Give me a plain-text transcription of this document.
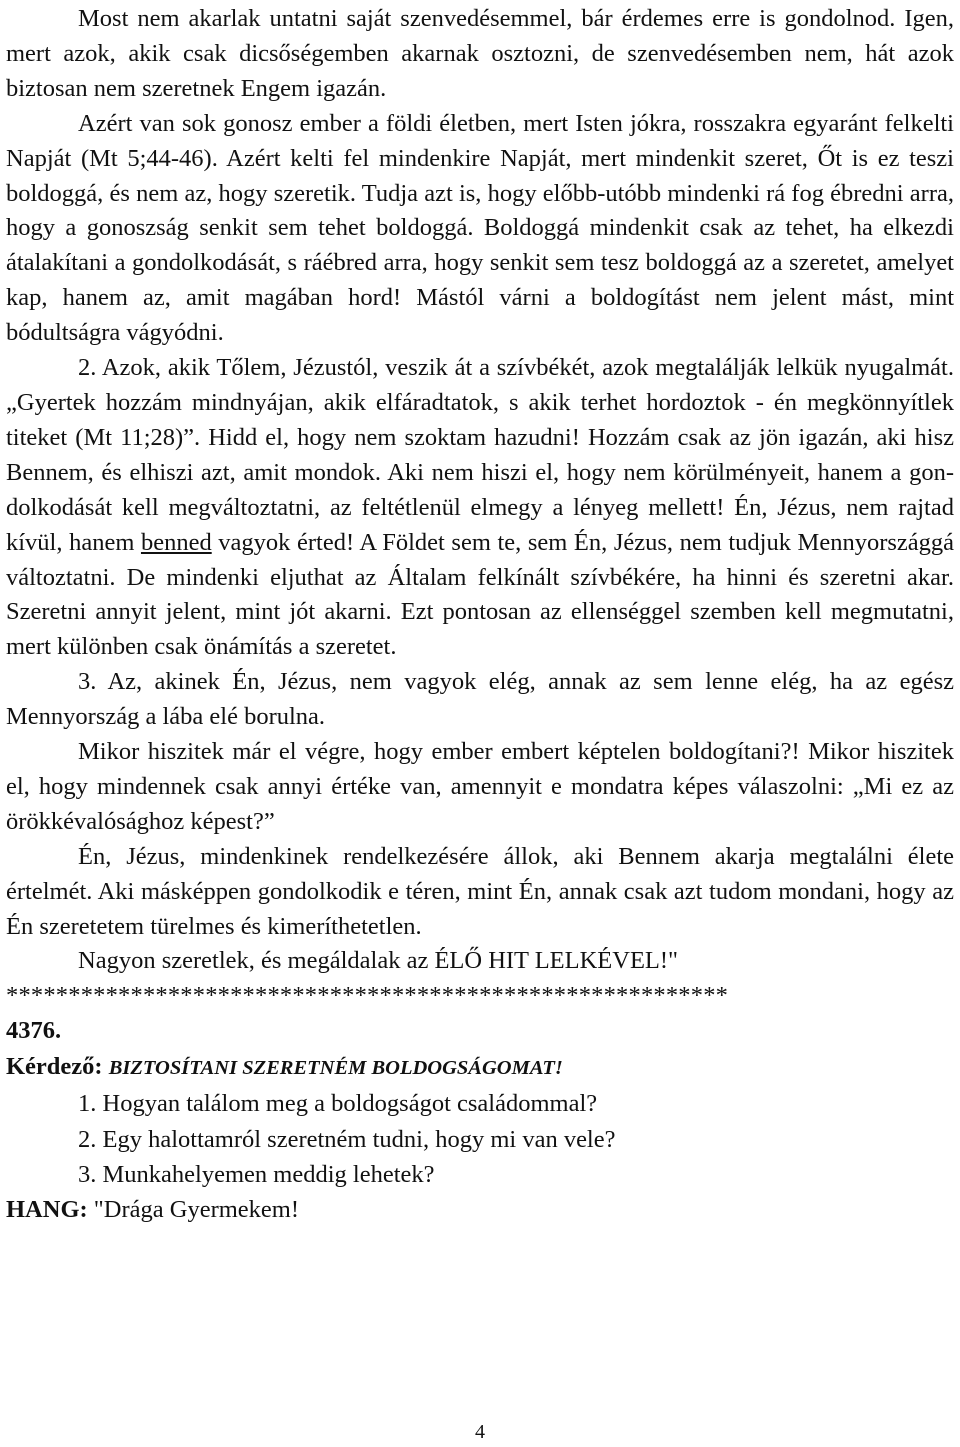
Most nem akarlak untatni saját szenvedésemmel, bár érdemes erre is gondolnod. Igen, mert azok, akik csak dicsőségemben akarnak osztozni, de szenvedésemben nem, hát azok biztosan nem szeretnek Engem igazán.

Azért van sok gonosz ember a földi életben, mert Isten jókra, rosszakra egyaránt felkelti Napját (Mt 5;44-46). Azért kelti fel mindenkire Napját, mert mindenkit szeret, Őt is ez teszi boldoggá, és nem az, hogy szeretik. Tudja azt is, hogy előbb-utóbb mindenki rá fog ébredni arra, hogy a gonoszság senkit sem tehet boldoggá. Boldoggá mindenkit csak az tehet, ha elkezdi átalakítani a gondolkodását, s ráébred arra, hogy senkit sem tesz boldoggá az a szeretet, amelyet kap, hanem az, amit magában hord! Mástól várni a boldogítást nem jelent mást, mint bódultságra vágyódni.

2. Azok, akik Tőlem, Jézustól, veszik át a szívbékét, azok megtalálják lelkük nyugalmát. „Gyertek hozzám mindnyájan, akik elfáradtatok, s akik terhet hordoztok - én megkönnyítlek titeket (Mt 11;28)”. Hidd el, hogy nem szoktam hazudni! Hozzám csak az jön igazán, aki hisz Bennem, és elhiszi azt, amit mondok. Aki nem hiszi el, hogy nem körülményeit, hanem a gondolkodását kell megváltoztatni, az feltétlenül elmegy a lényeg mellett! Én, Jézus, nem rajtad kívül, hanem benned vagyok érted! A Földet sem te, sem Én, Jézus, nem tudjuk Mennyországgá változtatni. De mindenki eljuthat az Általam felkínált szívbékére, ha hinni és szeretni akar. Szeretni annyit jelent, mint jót akarni. Ezt pontosan az ellenséggel szemben kell megmutatni, mert különben csak önámítás a szeretet.

3. Az, akinek Én, Jézus, nem vagyok elég, annak az sem lenne elég, ha az egész Mennyország a lába elé borulna.

Mikor hiszitek már el végre, hogy ember embert képtelen boldogítani?! Mikor hiszitek el, hogy mindennek csak annyi értéke van, amennyit e mondatra képes válaszolni: „Mi ez az örökkévalósághoz képest?”

Én, Jézus, mindenkinek rendelkezésére állok, aki Bennem akarja megtalálni élete értelmét. Aki másképpen gondolkodik e téren, mint Én, annak csak azt tudom mondani, hogy az Én szeretetem türelmes és kimeríthetetlen.

Nagyon szeretlek, és megáldalak az ÉLŐ HIT LELKÉVEL!"

**********************************************************
4376.
Kérdező: BIZTOSÍTANI SZERETNÉM BOLDOGSÁGOMAT!
1. Hogyan találom meg a boldogságot családommal?
2. Egy halottamról szeretném tudni, hogy mi van vele?
3. Munkahelyemen meddig lehetek?
HANG: "Drága Gyermekem!
4
